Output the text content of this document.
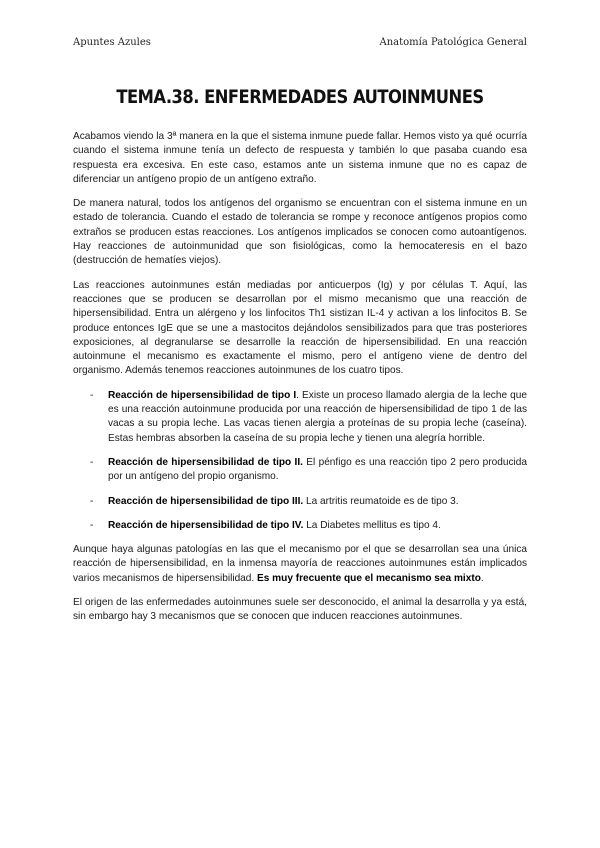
Apuntes Azules	Anatomía Patológica General
TEMA.38. ENFERMEDADES AUTOINMUNES

Acabamos viendo la 3ª manera en la que el sistema inmune puede fallar. Hemos visto ya qué ocurría cuando el sistema inmune tenía un defecto de respuesta y también lo que pasaba cuando esa respuesta era excesiva. En este caso, estamos ante un sistema inmune que no es capaz de diferenciar un antígeno propio de un antígeno extraño.

De manera natural, todos los antígenos del organismo se encuentran con el sistema inmune en un estado de tolerancia. Cuando el estado de tolerancia se rompe y reconoce antígenos propios como extraños se producen estas reacciones. Los antígenos implicados se conocen como autoantígenos. Hay reacciones de autoinmunidad que son fisiológicas, como la hemocateresis en el bazo (destrucción de hematíes viejos).

Las reacciones autoinmunes están mediadas por anticuerpos (Ig) y por células T. Aquí, las reacciones que se producen se desarrollan por el mismo mecanismo que una reacción de hipersensibilidad. Entra un alérgeno y los linfocitos Th1 sistizan IL-4 y activan a los linfocitos B. Se produce entonces IgE que se une a mastocitos dejándolos sensibilizados para que tras posteriores exposiciones, al degranularse se desarrolle la reacción de hipersensibilidad. En una reacción autoinmune el mecanismo es exactamente el mismo, pero el antígeno viene de dentro del organismo. Además tenemos reacciones autoinmunes de los cuatro tipos.

- Reacción de hipersensibilidad de tipo I. Existe un proceso llamado alergia de la leche que es una reacción autoinmune producida por una reacción de hipersensibilidad de tipo 1 de las vacas a su propia leche. Las vacas tienen alergia a proteínas de su propia leche (caseína). Estas hembras absorben la caseína de su propia leche y tienen una alegría horrible.
- Reacción de hipersensibilidad de tipo II. El pénfigo es una reacción tipo 2 pero producida por un antígeno del propio organismo.
- Reacción de hipersensibilidad de tipo III. La artritis reumatoide es de tipo 3.
- Reacción de hipersensibilidad de tipo IV. La Diabetes mellitus es tipo 4.

Aunque haya algunas patologías en las que el mecanismo por el que se desarrollan sea una única reacción de hipersensibilidad, en la inmensa mayoría de reacciones autoinmunes están implicados varios mecanismos de hipersensibilidad. Es muy frecuente que el mecanismo sea mixto.

El origen de las enfermedades autoinmunes suele ser desconocido, el animal la desarrolla y ya está, sin embargo hay 3 mecanismos que se conocen que inducen reacciones autoinmunes.
